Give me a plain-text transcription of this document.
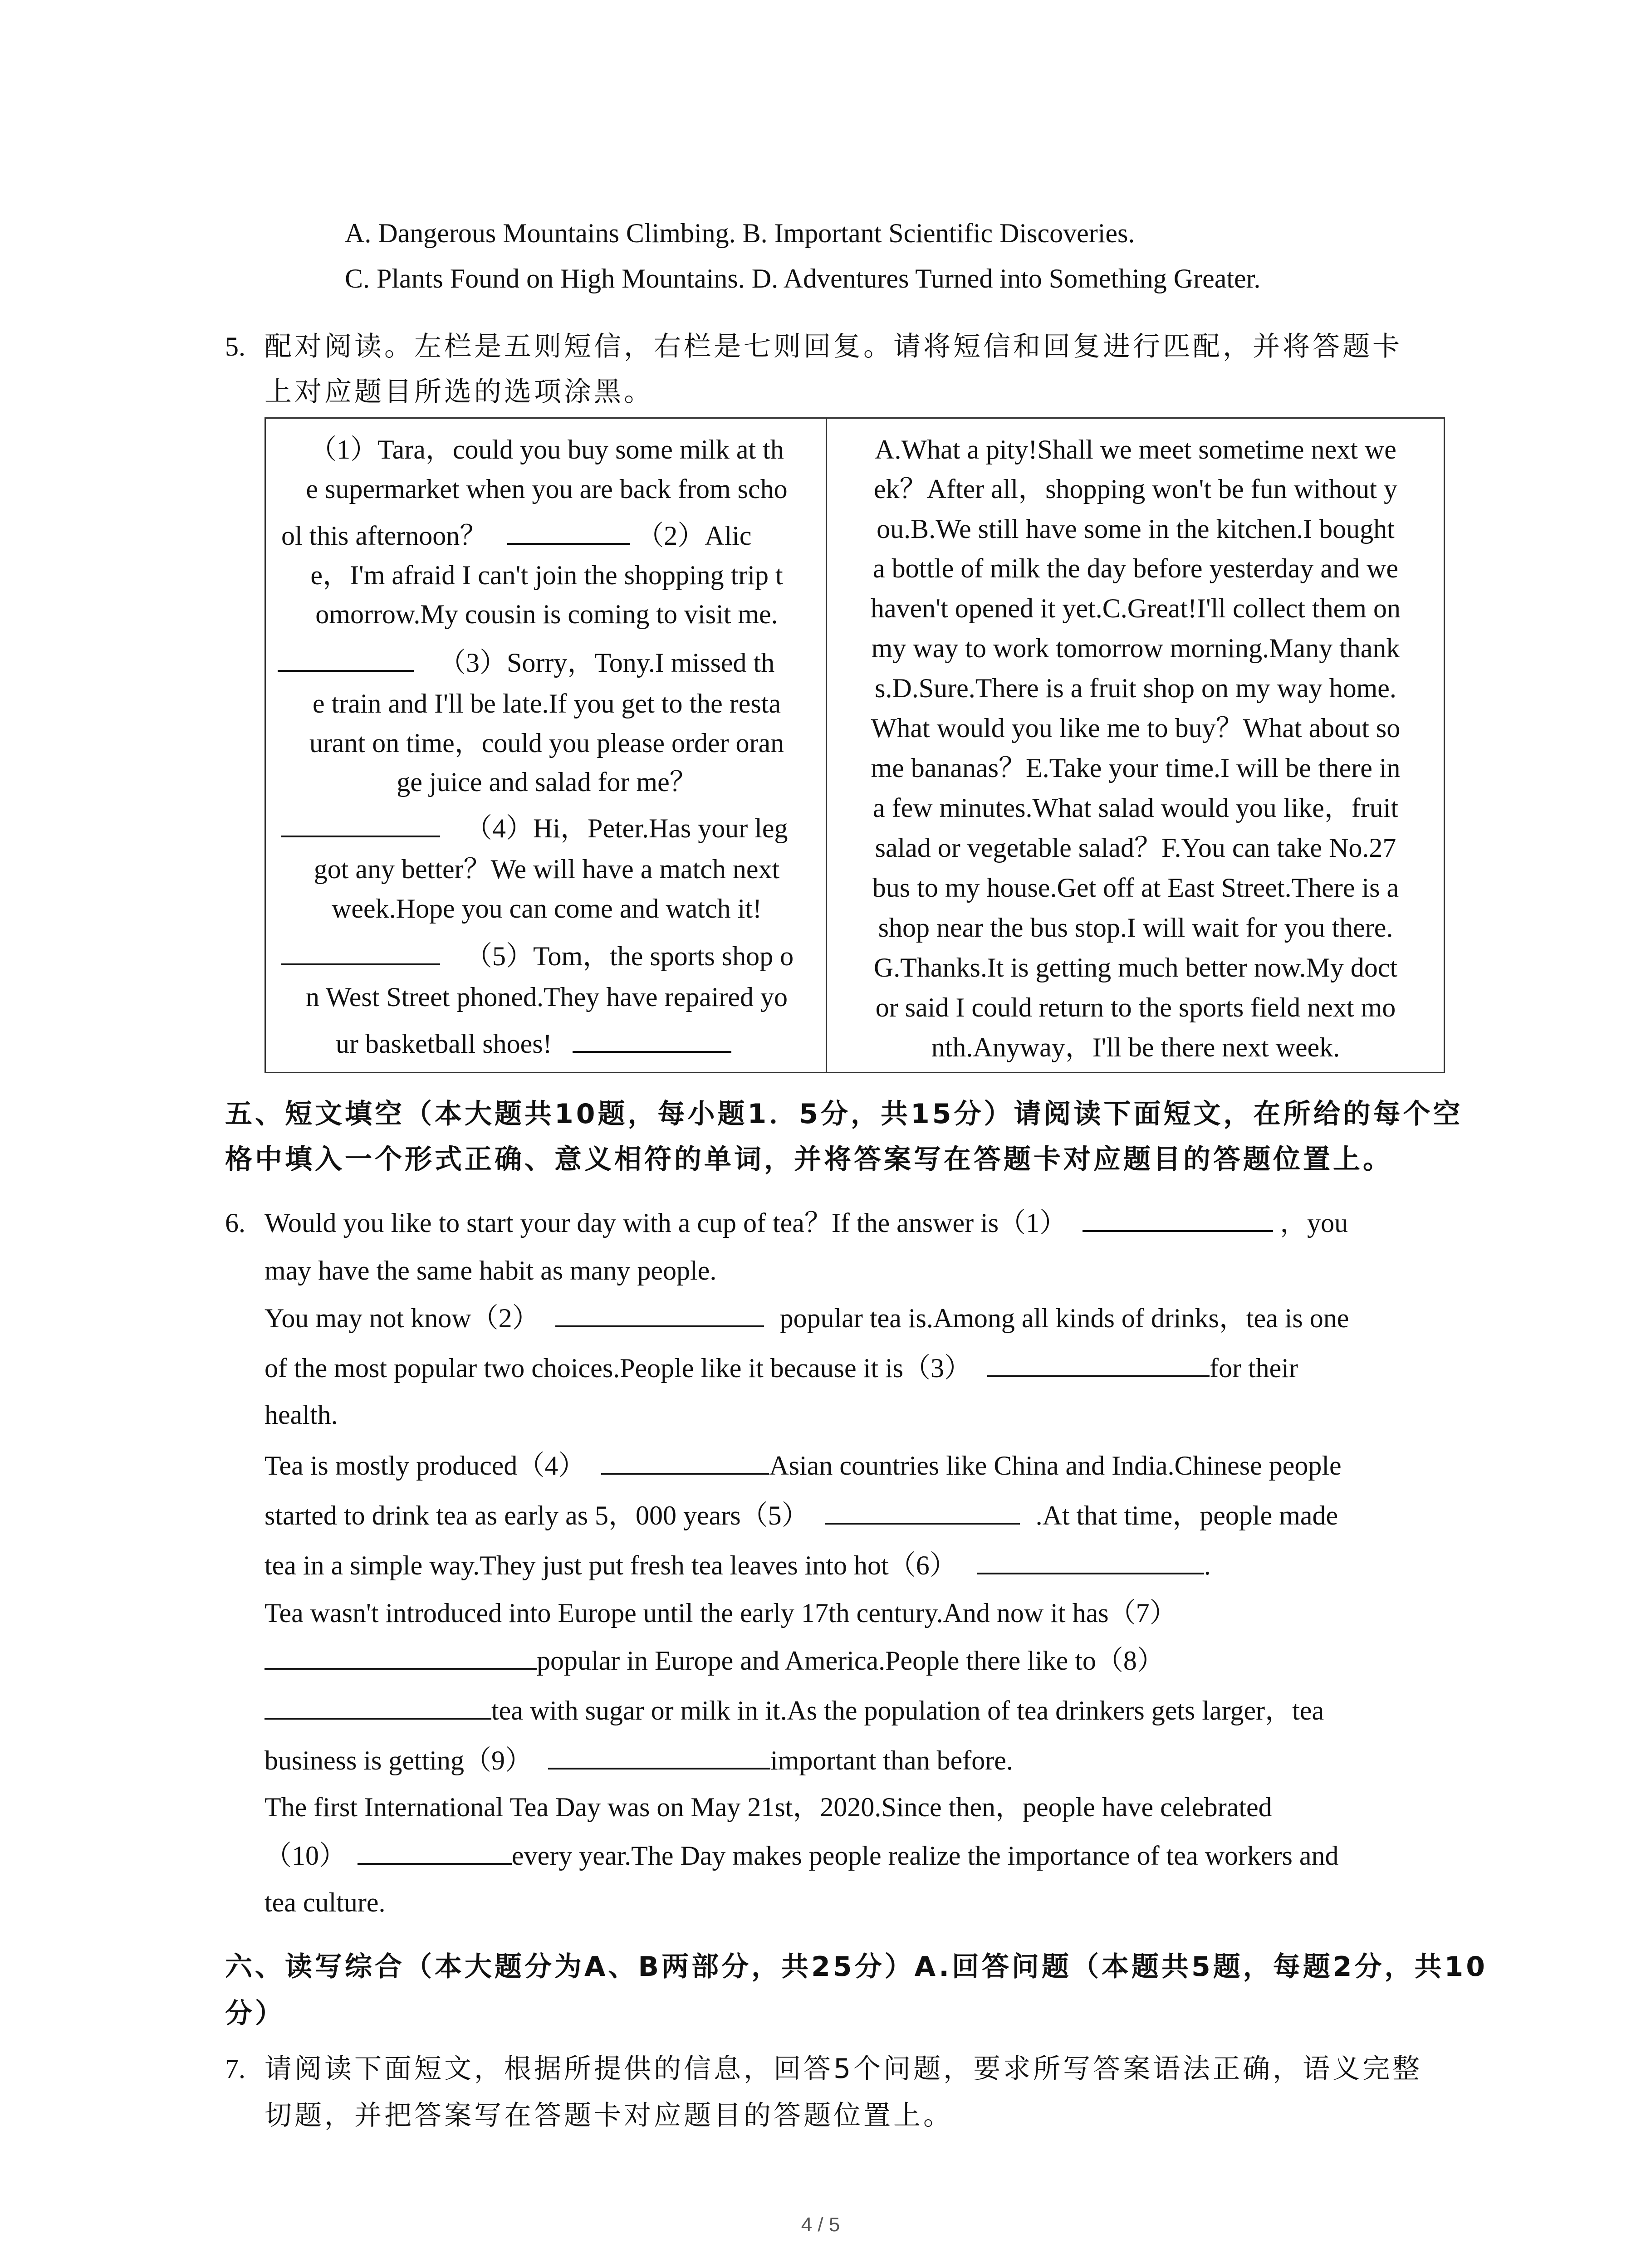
A. Dangerous Mountains Climbing. B. Important Scientific Discoveries.
C. Plants Found on High Mountains. D. Adventures Turned into Something Greater.
5. 配对阅读。左栏是五则短信，右栏是七则回复。请将短信和回复进行匹配，并将答题卡
上对应题目所选的选项涂黑。
（1）Tara，could you buy some milk at th
e supermarket when you are back from scho
ol this afternoon？	（2）Alic
e，I'm afraid I can't join the shopping trip t
omorrow.My cousin is coming to visit me.
（3）Sorry，Tony.I missed th
e train and I'll be late.If you get to the resta
urant on time，could you please order oran
ge juice and salad for me？
（4）Hi，Peter.Has your leg
got any better？We will have a match next
week.Hope you can come and watch it!
（5）Tom，the sports shop o
n West Street phoned.They have repaired yo
ur basketball shoes!
A.What a pity!Shall we meet sometime next we
ek？After all，shopping won't be fun without y
ou.B.We still have some in the kitchen.I bought
a bottle of milk the day before yesterday and we
haven't opened it yet.C.Great!I'll collect them on
my way to work tomorrow morning.Many thank
s.D.Sure.There is a fruit shop on my way home.
What would you like me to buy？What about so
me bananas？E.Take your time.I will be there in
a few minutes.What salad would you like，fruit
salad or vegetable salad？F.You can take No.27
bus to my house.Get off at East Street.There is a
shop near the bus stop.I will wait for you there.
G.Thanks.It is getting much better now.My doct
or said I could return to the sports field next mo
nth.Anyway，I'll be there next week.
五、短文填空（本大题共10题，每小题1．5分，共15分）请阅读下面短文，在所给的每个空
格中填入一个形式正确、意义相符的单词，并将答案写在答题卡对应题目的答题位置上。
6. Would you like to start your day with a cup of tea？If the answer is（1）	，you
may have the same habit as many people.
You may not know（2）	popular tea is.Among all kinds of drinks，tea is one
of the most popular two choices.People like it because it is（3）	for their
health.
Tea is mostly produced（4）	Asian countries like China and India.Chinese people
started to drink tea as early as 5，000 years（5）	.At that time，people made
tea in a simple way.They just put fresh tea leaves into hot（6）	.
Tea wasn't introduced into Europe until the early 17th century.And now it has（7）
popular in Europe and America.People there like to（8）
tea with sugar or milk in it.As the population of tea drinkers gets larger，tea
business is getting（9）	important than before.
The first International Tea Day was on May 21st，2020.Since then，people have celebrated
（10）	every year.The Day makes people realize the importance of tea workers and
tea culture.
六、读写综合（本大题分为A、B两部分，共25分）A.回答问题（本题共5题，每题2分，共10
分）
7. 请阅读下面短文，根据所提供的信息，回答5个问题，要求所写答案语法正确，语义完整
切题，并把答案写在答题卡对应题目的答题位置上。
4 / 5
